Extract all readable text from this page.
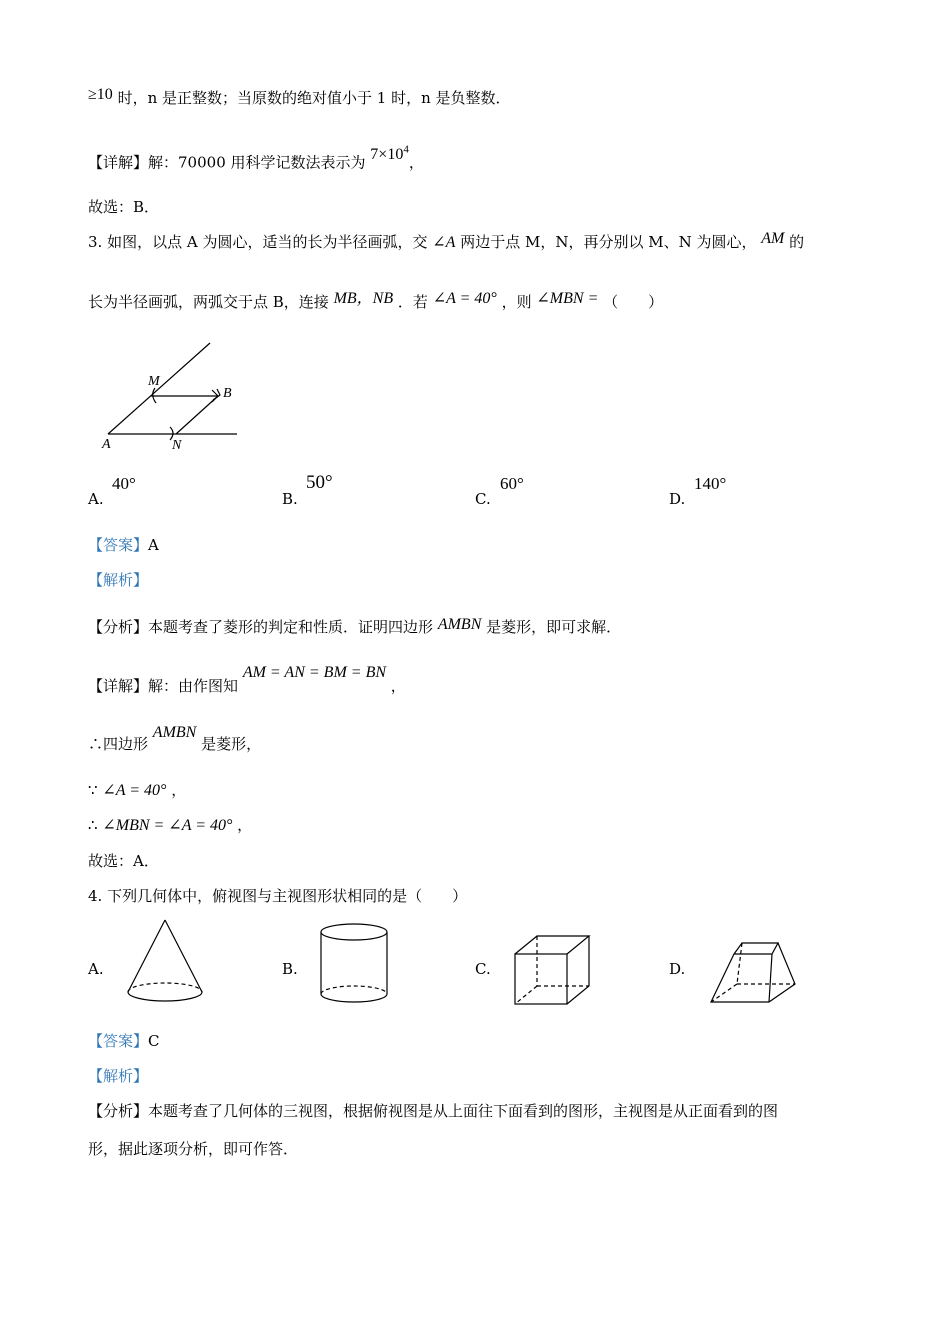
≥10 时，n 是正整数；当原数的绝对值小于 1 时，n 是负整数．
【详解】解：70000 用科学记数法表示为 $7\times 10^4$，
故选：B．
3. 如图，以点 A 为圆心，适当的长为半径画弧，交 ∠A 两边于点 M，N，再分别以 M、N 为圆心， AM 的
长为半径画弧，两弧交于点 B，连接 MB，NB ．若 ∠A = 40° ，则 ∠MBN = （　　）
M
B
A	N
A.
40°
B.
50°
C.
60°
D.
140°
【答案】A
【解析】
【分析】本题考查了菱形的判定和性质．证明四边形 AMBN 是菱形，即可求解．
【详解】解：由作图知 AM = AN = BM = BN ，
∴四边形 AMBN 是菱形，
∵ ∠A = 40° ，
∴ ∠MBN = ∠A = 40° ，
故选：A．
4. 下列几何体中，俯视图与主视图形状相同的是（　　）
A.	B.	C.	D.
【答案】C
【解析】
【分析】本题考查了几何体的三视图，根据俯视图是从上面往下面看到的图形，主视图是从正面看到的图
形，据此逐项分析，即可作答．
